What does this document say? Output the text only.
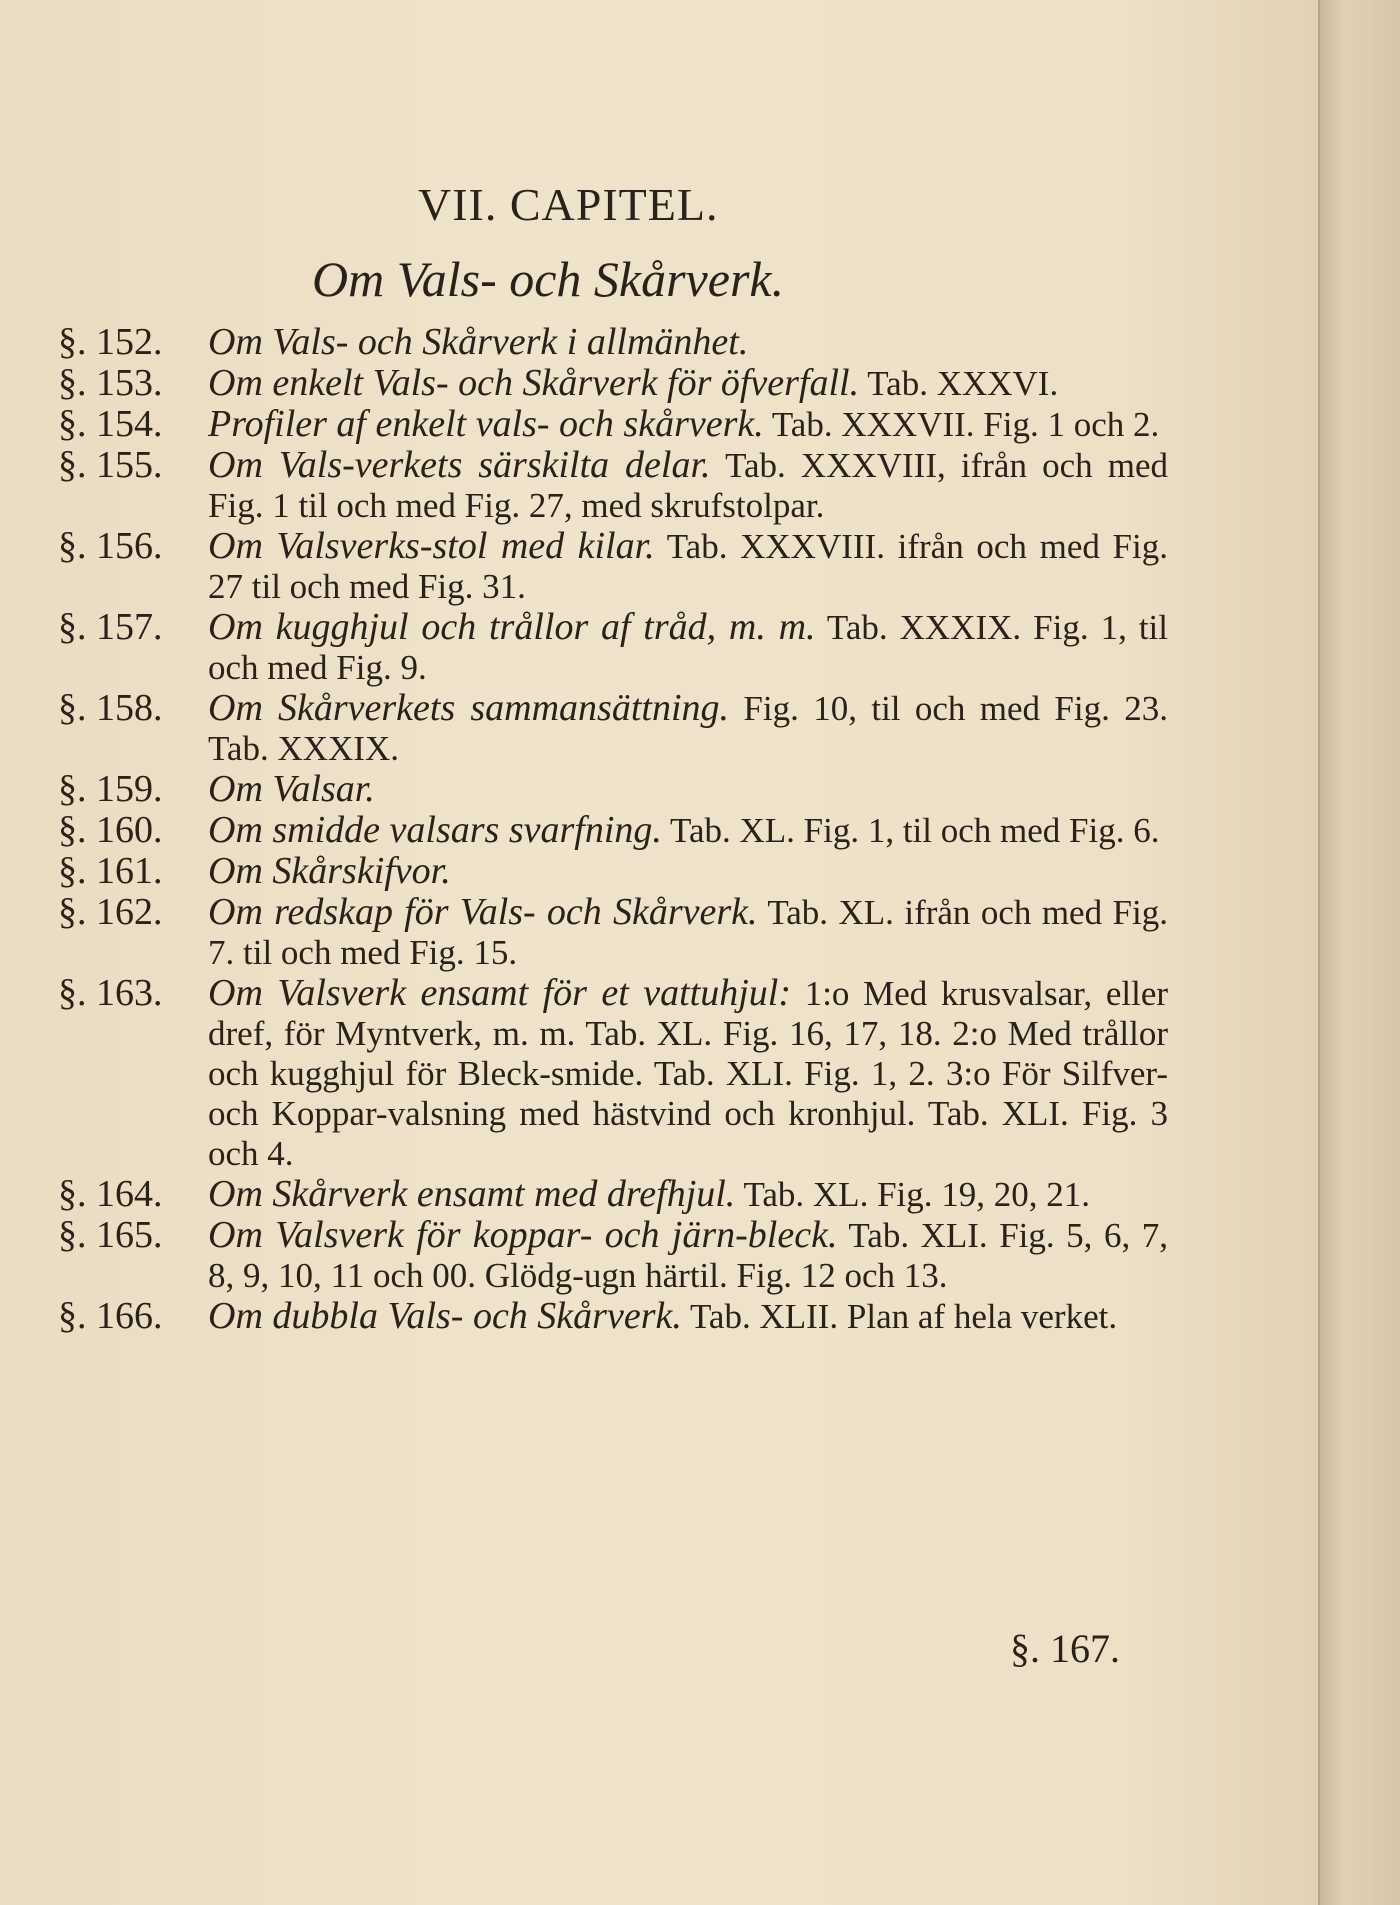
VII. CAPITEL.
Om Vals- och Skårverk.
§. 152.	Om Vals- och Skårverk i allmänhet.
§. 153.	Om enkelt Vals- och Skårverk för öfverfall. Tab. XXXVI.
§. 154.	Profiler af enkelt vals- och skårverk. Tab. XXXVII. Fig. 1 och 2.
§. 155.	Om Vals-verkets särskilta delar. Tab. XXXVIII, ifrån och med Fig. 1 til och med Fig. 27, med skrufstolpar.
§. 156.	Om Valsverks-stol med kilar. Tab. XXXVIII. ifrån och med Fig. 27 til och med Fig. 31.
§. 157.	Om kugghjul och trållor af tråd, m. m. Tab. XXXIX. Fig. 1, til och med Fig. 9.
§. 158.	Om Skårverkets sammansättning. Fig. 10, til och med Fig. 23. Tab. XXXIX.
§. 159.	Om Valsar.
§. 160.	Om smidde valsars svarfning. Tab. XL. Fig. 1, til och med Fig. 6.
§. 161.	Om Skårskifvor.
§. 162.	Om redskap för Vals- och Skårverk. Tab. XL. ifrån och med Fig. 7. til och med Fig. 15.
§. 163.	Om Valsverk ensamt för et vattuhjul: 1:o Med krusvalsar, eller dref, för Myntverk, m. m. Tab. XL. Fig. 16, 17, 18. 2:o Med trållor och kugghjul för Bleck-smide. Tab. XLI. Fig. 1, 2. 3:o För Silfver- och Koppar-valsning med hästvind och kronhjul. Tab. XLI. Fig. 3 och 4.
§. 164.	Om Skårverk ensamt med drefhjul. Tab. XL. Fig. 19, 20, 21.
§. 165.	Om Valsverk för koppar- och järn-bleck. Tab. XLI. Fig. 5, 6, 7, 8, 9, 10, 11 och 00. Glödg-ugn härtil. Fig. 12 och 13.
§. 166.	Om dubbla Vals- och Skårverk. Tab. XLII. Plan af hela verket.
§. 167.
